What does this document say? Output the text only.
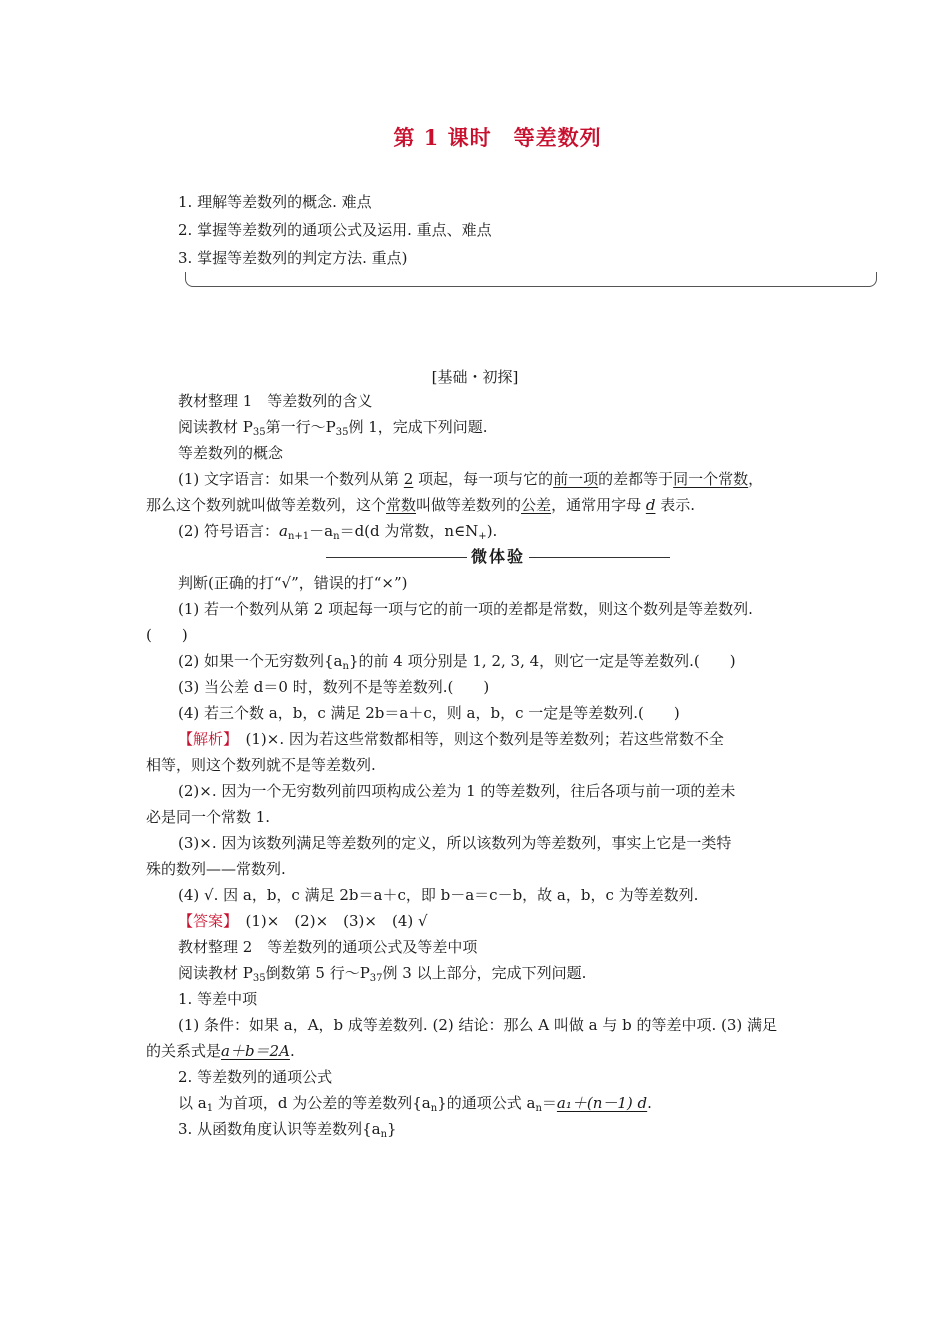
第 1 课时　等差数列
1. 理解等差数列的概念. 难点
2. 掌握等差数列的通项公式及运用. 重点、难点
3. 掌握等差数列的判定方法. 重点)
[基础・初探]
教材整理 1　等差数列的含义
阅读教材 $P_{35}$第一行$\sim P_{35}$例 1，完成下列问题.
等差数列的概念
(1) 文字语言：如果一个数列从第 2 项起，每一项与它的前一项的差都等于同一个常数，
那么这个数列就叫做等差数列，这个常数叫做等差数列的公差，通常用字母 d 表示.
(2) 符号语言：$a_{n+1}-a_n=d(d$ 为常数，$n\in N_+$).
微体验
判断(正确的打“√”，错误的打“×”)
(1) 若一个数列从第 2 项起每一项与它的前一项的差都是常数，则这个数列是等差数列.
(　　)
(2) 如果一个无穷数列$\{a_n\}$的前 4 项分别是 1, 2, 3, 4，则它一定是等差数列.(　　)
(3) 当公差 d＝0 时，数列不是等差数列.(　　)
(4) 若三个数 a，b，c 满足 2b＝a＋c，则 a，b，c 一定是等差数列.(　　)
【解析】　(1)×. 因为若这些常数都相等，则这个数列是等差数列；若这些常数不全
相等，则这个数列就不是等差数列.
(2)×. 因为一个无穷数列前四项构成公差为 1 的等差数列，往后各项与前一项的差未
必是同一个常数 1.
(3)×. 因为该数列满足等差数列的定义，所以该数列为等差数列，事实上它是一类特
殊的数列——常数列.
(4) √. 因 a，b，c 满足 2b＝a＋c，即 b－a＝c－b，故 a，b，c 为等差数列.
【答案】　(1)×　(2)×　(3)×　(4) √
教材整理 2　等差数列的通项公式及等差中项
阅读教材 $P_{35}$倒数第 5 行$\sim P_{37}$例 3 以上部分，完成下列问题.
1. 等差中项
(1) 条件：如果 a，A，b 成等差数列. (2) 结论：那么 A 叫做 a 与 b 的等差中项. (3) 满足
的关系式是a＋b＝2A.
2. 等差数列的通项公式
以 $a_1$ 为首项，d 为公差的等差数列$\{a_n\}$的通项公式 $a_n=a_1+(n-1)$ d.
3. 从函数角度认识等差数列$\{a_n\}$
